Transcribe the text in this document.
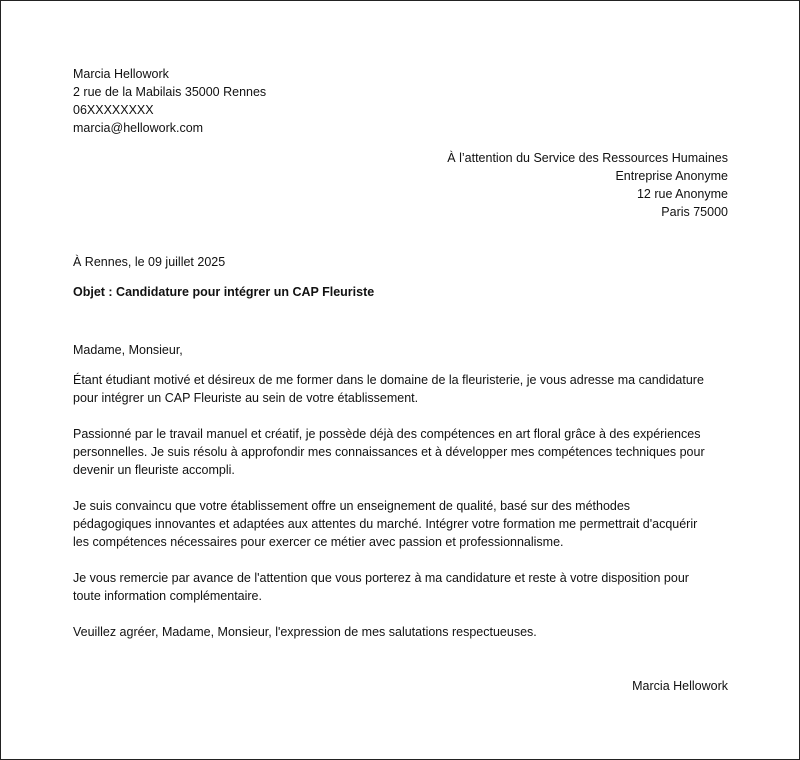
Marcia Hellowork
2 rue de la Mabilais 35000 Rennes
06XXXXXXXX
marcia@hellowork.com
À l’attention du Service des Ressources Humaines
Entreprise Anonyme
12 rue Anonyme
Paris 75000

À Rennes, le 09 juillet 2025

Objet : Candidature pour intégrer un CAP Fleuriste

Madame, Monsieur,

Étant étudiant motivé et désireux de me former dans le domaine de la fleuristerie, je vous adresse ma candidature
pour intégrer un CAP Fleuriste au sein de votre établissement.
Passionné par le travail manuel et créatif, je possède déjà des compétences en art floral grâce à des expériences
personnelles. Je suis résolu à approfondir mes connaissances et à développer mes compétences techniques pour
devenir un fleuriste accompli.
Je suis convaincu que votre établissement offre un enseignement de qualité, basé sur des méthodes
pédagogiques innovantes et adaptées aux attentes du marché. Intégrer votre formation me permettrait d'acquérir
les compétences nécessaires pour exercer ce métier avec passion et professionnalisme.
Je vous remercie par avance de l'attention que vous porterez à ma candidature et reste à votre disposition pour
toute information complémentaire.

Veuillez agréer, Madame, Monsieur, l'expression de mes salutations respectueuses.

Marcia Hellowork
